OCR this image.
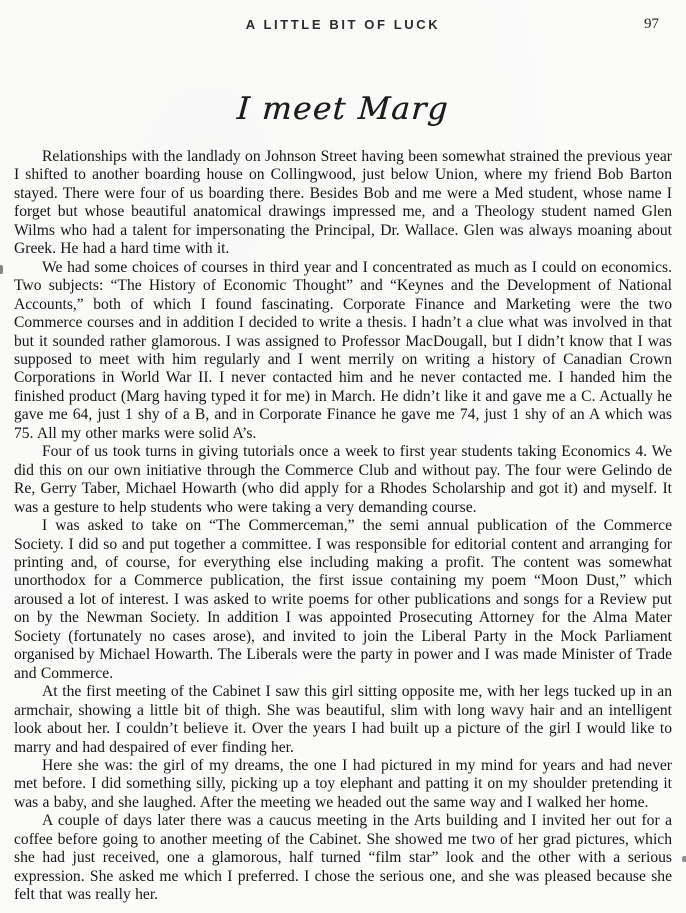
A LITTLE BIT OF LUCK	97
I meet Marg

Relationships with the landlady on Johnson Street having been somewhat strained the previous year I shifted to another boarding house on Collingwood, just below Union, where my friend Bob Barton stayed. There were four of us boarding there. Besides Bob and me were a Med student, whose name I forget but whose beautiful anatomical drawings impressed me, and a Theology student named Glen Wilms who had a talent for impersonating the Principal, Dr. Wallace. Glen was always moaning about Greek. He had a hard time with it.

We had some choices of courses in third year and I concentrated as much as I could on economics. Two subjects: “The History of Economic Thought” and “Keynes and the Development of National Accounts,” both of which I found fascinating. Corporate Finance and Marketing were the two Commerce courses and in addition I decided to write a thesis. I hadn’t a clue what was involved in that but it sounded rather glamorous. I was assigned to Professor MacDougall, but I didn’t know that I was supposed to meet with him regularly and I went merrily on writing a history of Canadian Crown Corporations in World War II. I never contacted him and he never contacted me. I handed him the finished product (Marg having typed it for me) in March. He didn’t like it and gave me a C. Actually he gave me 64, just 1 shy of a B, and in Corporate Finance he gave me 74, just 1 shy of an A which was 75. All my other marks were solid A’s.

Four of us took turns in giving tutorials once a week to first year students taking Economics 4. We did this on our own initiative through the Commerce Club and without pay. The four were Gelindo de Re, Gerry Taber, Michael Howarth (who did apply for a Rhodes Scholarship and got it) and myself. It was a gesture to help students who were taking a very demanding course.

I was asked to take on “The Commerceman,” the semi annual publication of the Commerce Society. I did so and put together a committee. I was responsible for editorial content and arranging for printing and, of course, for everything else including making a profit. The content was somewhat unorthodox for a Commerce publication, the first issue containing my poem “Moon Dust,” which aroused a lot of interest. I was asked to write poems for other publications and songs for a Review put on by the Newman Society. In addition I was appointed Prosecuting Attorney for the Alma Mater Society (fortunately no cases arose), and invited to join the Liberal Party in the Mock Parliament organised by Michael Howarth. The Liberals were the party in power and I was made Minister of Trade and Commerce.

At the first meeting of the Cabinet I saw this girl sitting opposite me, with her legs tucked up in an armchair, showing a little bit of thigh. She was beautiful, slim with long wavy hair and an intelligent look about her. I couldn’t believe it. Over the years I had built up a picture of the girl I would like to marry and had despaired of ever finding her.

Here she was: the girl of my dreams, the one I had pictured in my mind for years and had never met before. I did something silly, picking up a toy elephant and patting it on my shoulder pretending it was a baby, and she laughed. After the meeting we headed out the same way and I walked her home.

A couple of days later there was a caucus meeting in the Arts building and I invited her out for a coffee before going to another meeting of the Cabinet. She showed me two of her grad pictures, which she had just received, one a glamorous, half turned “film star” look and the other with a serious expression. She asked me which I preferred. I chose the serious one, and she was pleased because she felt that was really her.
